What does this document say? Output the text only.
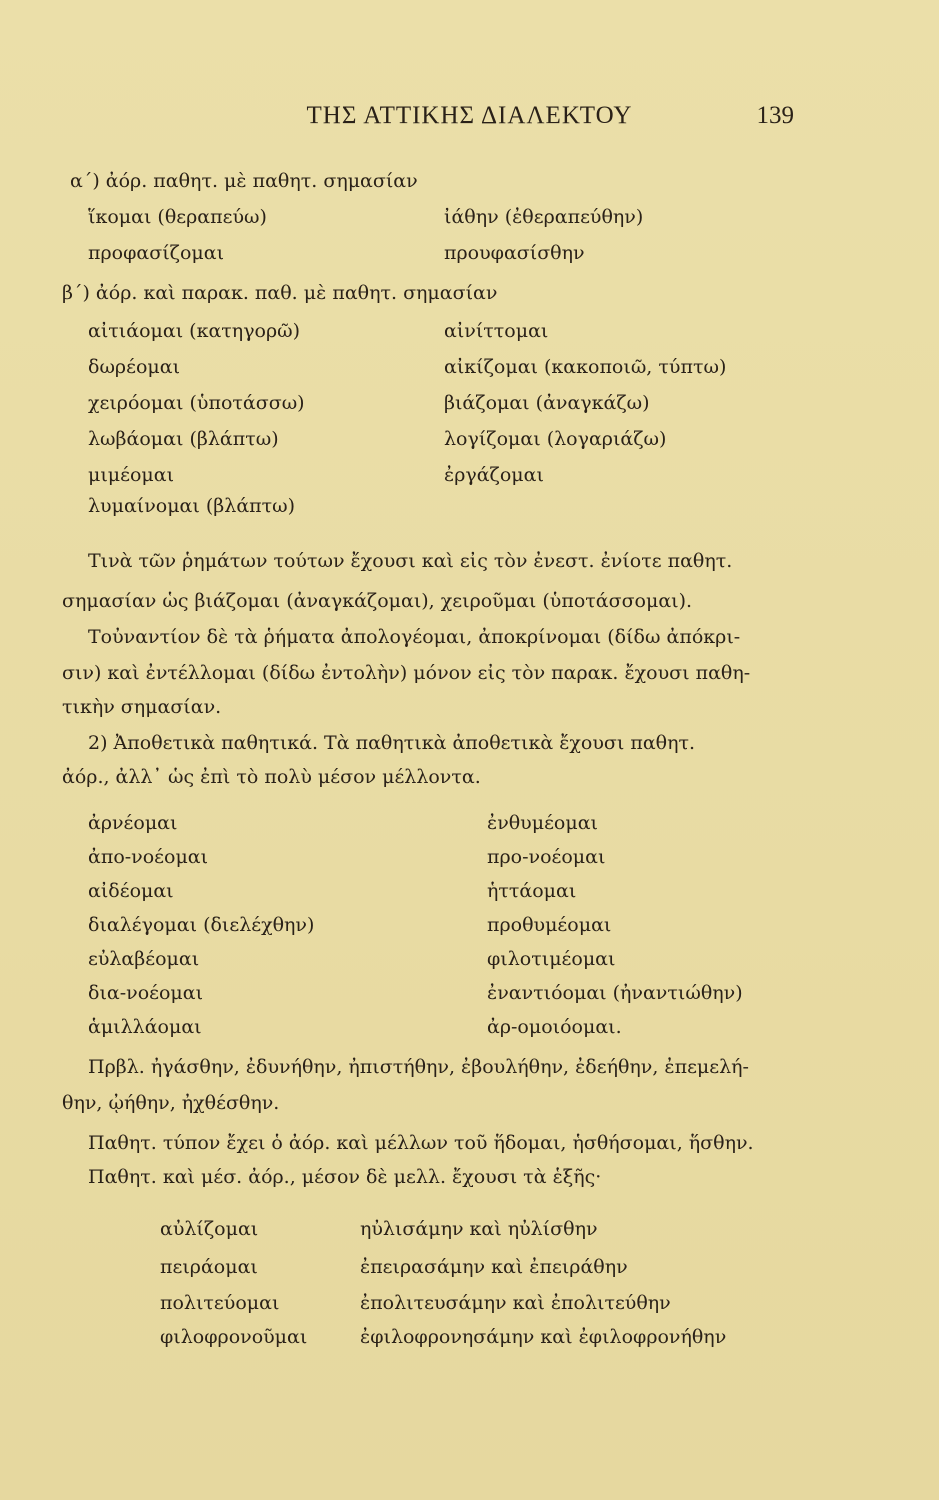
ΤΗΣ ΑΤΤΙΚΗΣ ΔΙΑΛΕΚΤΟΥ	139
α΄) ἀόρ. παθητ. μὲ παθητ. σημασίαν
ἵκομαι (θεραπεύω)
προφασίζομαι
ἰάθην (ἐθεραπεύθην)
προυφασίσθην
β΄) ἀόρ. καὶ παρακ. παθ. μὲ παθητ. σημασίαν
αἰτιάομαι (κατηγορῶ)
δωρέομαι
χειρόομαι (ὑποτάσσω)
λωβάομαι (βλάπτω)
μιμέομαι
λυμαίνομαι (βλάπτω)
αἰνίττομαι
αἰκίζομαι (κακοποιῶ, τύπτω)
βιάζομαι (ἀναγκάζω)
λογίζομαι (λογαριάζω)
ἐργάζομαι
Τινὰ τῶν ῥημάτων τούτων ἔχουσι καὶ εἰς τὸν ἐνεστ. ἐνίοτε παθητ.
σημασίαν ὡς βιάζομαι (ἀναγκάζομαι), χειροῦμαι (ὑποτάσσομαι).
Τοὐναντίον δὲ τὰ ῥήματα ἀπολογέομαι, ἀποκρίνομαι (δίδω ἀπόκρι-
σιν) καὶ ἐντέλλομαι (δίδω ἐντολὴν) μόνον εἰς τὸν παρακ. ἔχουσι παθη-
τικὴν σημασίαν.
2) Ἀποθετικὰ παθητικά. Τὰ παθητικὰ ἀποθετικὰ ἔχουσι παθητ.
ἀόρ., ἀλλ᾽ ὡς ἐπὶ τὸ πολὺ μέσον μέλλοντα.
ἀρνέομαι
ἀπο-νοέομαι
αἰδέομαι
διαλέγομαι (διελέχθην)
εὐλαβέομαι
δια-νοέομαι
ἁμιλλάομαι
ἐνθυμέομαι
προ-νοέομαι
ἡττάομαι
προθυμέομαι
φιλοτιμέομαι
ἐναντιόομαι (ἠναντιώθην)
ἀρ-ομοιόομαι.
Πρβλ. ἠγάσθην, ἐδυνήθην, ἠπιστήθην, ἐβουλήθην, ἐδεήθην, ἐπεμελή-
θην, ᾠήθην, ἠχθέσθην.
Παθητ. τύπον ἔχει ὁ ἀόρ. καὶ μέλλων τοῦ ἥδομαι, ἡσθήσομαι, ἥσθην.
Παθητ. καὶ μέσ. ἀόρ., μέσον δὲ μελλ. ἔχουσι τὰ ἑξῆς·
αὐλίζομαι
πειράομαι
πολιτεύομαι
φιλοφρονοῦμαι
ηὐλισάμην καὶ ηὐλίσθην
ἐπειρασάμην καὶ ἐπειράθην
ἐπολιτευσάμην καὶ ἐπολιτεύθην
ἐφιλοφρονησάμην καὶ ἐφιλοφρονήθην
